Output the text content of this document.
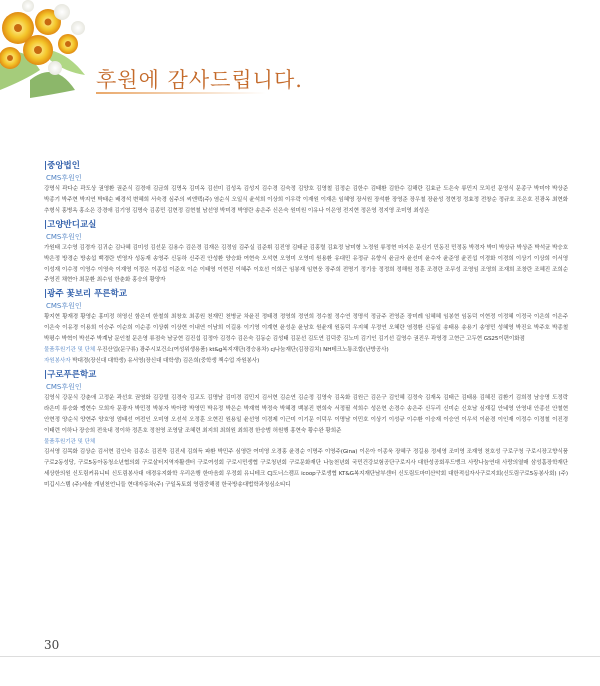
후원에 감사드립니다.
|중앙법인
CMS후원인
강명식 곽다순 곽도상 권영환 권준식 김경애 김금희 김명옥 김미옥 김선미 김성옥 김성지 김수경 김숙정 김양호 김영철 김정순 김한수 김태환 김한수 김해란 김효균 도은숙 류민지 모치선 문영식 문종구 박미야 박상준 박종기 박주현 박지연 박태순 배경석 변혜희 서숙경 심주의 씨엔텍(주) 염순식 오일식 윤석희 이상희 이우락 이재원 이재은 임혜영 장서원 장석환 장영준 장우철 장윤성 정현정 정효정 전창순 정규호 조은호 진광옥 최현화 추형식 홍병옥 홍소은 강경애 김기영 김명숙 김종민 김현정 김현철 남선영 박미경 박영란 송은주 신은숙 원미원 이유나 이은영 전지현 정은영 정지영 조미영 최성은
|고양반디교실
CMS후원인
가원태 고수영 김경자 김귀순 김나혜 김미성 김선문 김용수 김은경 김재은 김정임 김주실 김준휘 김진영 김태균 김홍렬 김효정 남미형 노정원 류정현 마지은 문신기 민동진 민정동 박경자 박미 박상규 박상준 박석균 박승호 박은정 방경순 방송섭 백경란 빈영자 성동재 송영주 신동하 신주진 안성환 양승화 여현숙 오석현 오영미 오영미 원용환 유대민 유정규 유향식 윤금자 윤선미 윤수자 윤준영 윤진섭 이경화 이경희 이상기 이상희 이서영 이성재 이수정 이영수 이영숙 이재영 이정은 이종섭 이준호 이순 이태영 이현진 이혜주 이호선 이희근 임봉재 임현웅 장주희 전명기 정기웅 정정희 정해원 정훈 조경란 조무성 조영임 조영희 조재희 조창란 조혜진 조희순 주영진 채현아 최문환 최수임 한춘화 홍승의 황양자
|광주 꽃보리 푸른학교
CMS후원인
황지현 황재경 황영순 홍미정 허영신 함은미 한철희 최창호 최종원 천재민 천병균 차윤진 정태경 정영희 정연희 정수철 정수연 정명석 정금주 전영준 장미례 임혜혜 임봉현 임동덕 이현정 이정혜 이정국 이은희 이은주 이은숙 이유경 이용희 이승주 이순희 이순종 이상휘 이상현 이내연 이남희 이길용 이기영 이계현 윤성운 윤남호 원윤재 원동덕 우지혜 우정연 오혜란 염정환 신동일 송태용 송용기 송영민 성혜영 박진요 박주호 박종철 박평수 박혁이 박선주 박계남 문인철 문은영 류점숙 남궁현 김진섭 김정아 김정수 김은숙 김동순 김성태 김문선 김도연 김덕중 김노미 김기인 김기선 길영수 권진우 곽영경 고현근 고두현 GS25이편이화점
물품후원기관 및 단체 우진산업(문구류) 광주시보건소(여성위생용품) kt&g복지재단(경승용차) cj나눔재단(김장김치) NH테크노통조합(난방공사)
자원봉사자 박대경(장신대 대학생) 유서영(장신대 대학생) 김은희(중학생 책수업 자원봉사)
|구로푸른학교
CMS후원인
김영식 강문식 강춘애 고정운 곽선호 권영화 김강렬 김경숙 김교도 김명남 김미경 김민지 김서현 김순연 김순정 김영숙 김옥화 김원근 김은구 김인혜 김정숙 김재옥 김태근 김태용 김혜진 김환기 김희정 남승명 도정락 라은미 류승화 맹현수 모희자 문광자 박민정 박봉자 박아랑 박영민 박유정 박은순 박재혁 박정숙 박혜경 백봉진 변희숙 서정필 석희수 성은현 손경수 송은주 신두리 신미순 신호남 심재길 안네영 안영내 안종선 안철현 안현정 양순식 양현주 양호영 엄태선 여전인 오미영 오선석 오정훈 오현진 원용일 윤선영 이경제 이근미 이기문 이덕우 이명남 이민호 이상기 이성규 이수환 이승재 이승연 이우석 이윤경 이인재 이정수 이정철 이진경 이태련 이하나 장승희 전육내 정이하 정흔호 정천영 조영달 조혜련 최지희 최희원 최희경 한승범 허원행 홍현숙 황수완 황희준
물품후원기관 및 단체
김서영 김목화 김상순 김서현 김인숙 김종소 김진묵 김진세 김희득 파환 박민주 심영란 여미영 오경홍 윤경순 이명주 이영주(Gina) 이은아 이종욱 장혜구 정길용 정세영 조미영 조재영 천호성 구로구청 구로시장고향식품 구로2동성당, 구로5동아동청소년협의회 구로살터지역자활센터 구로여성회 구로시민생협 구로청년회 구로문화재단 나눔천년회 국민건강보험공단구로지사 대한성공회푸드뱅크 사랑나눔연대 사랑의열매 삼성홈장학재단 세상한의원 신도림커뮤니티 신도림봉사대 애경유지화학 우리은행 한마음회 우정회 유니테크 CJ도너스캠프 icoop구로생협 KT&G복지재단남부센터 신도림도마미산악회 대한적십자사구로지회(신도림구로5동봉사회) (주)미깁시스템 (주)세솔 개념천언니들 현대자동차(주) 구일독토회 영림중해점 한국방송대법학과청심소티디
30
